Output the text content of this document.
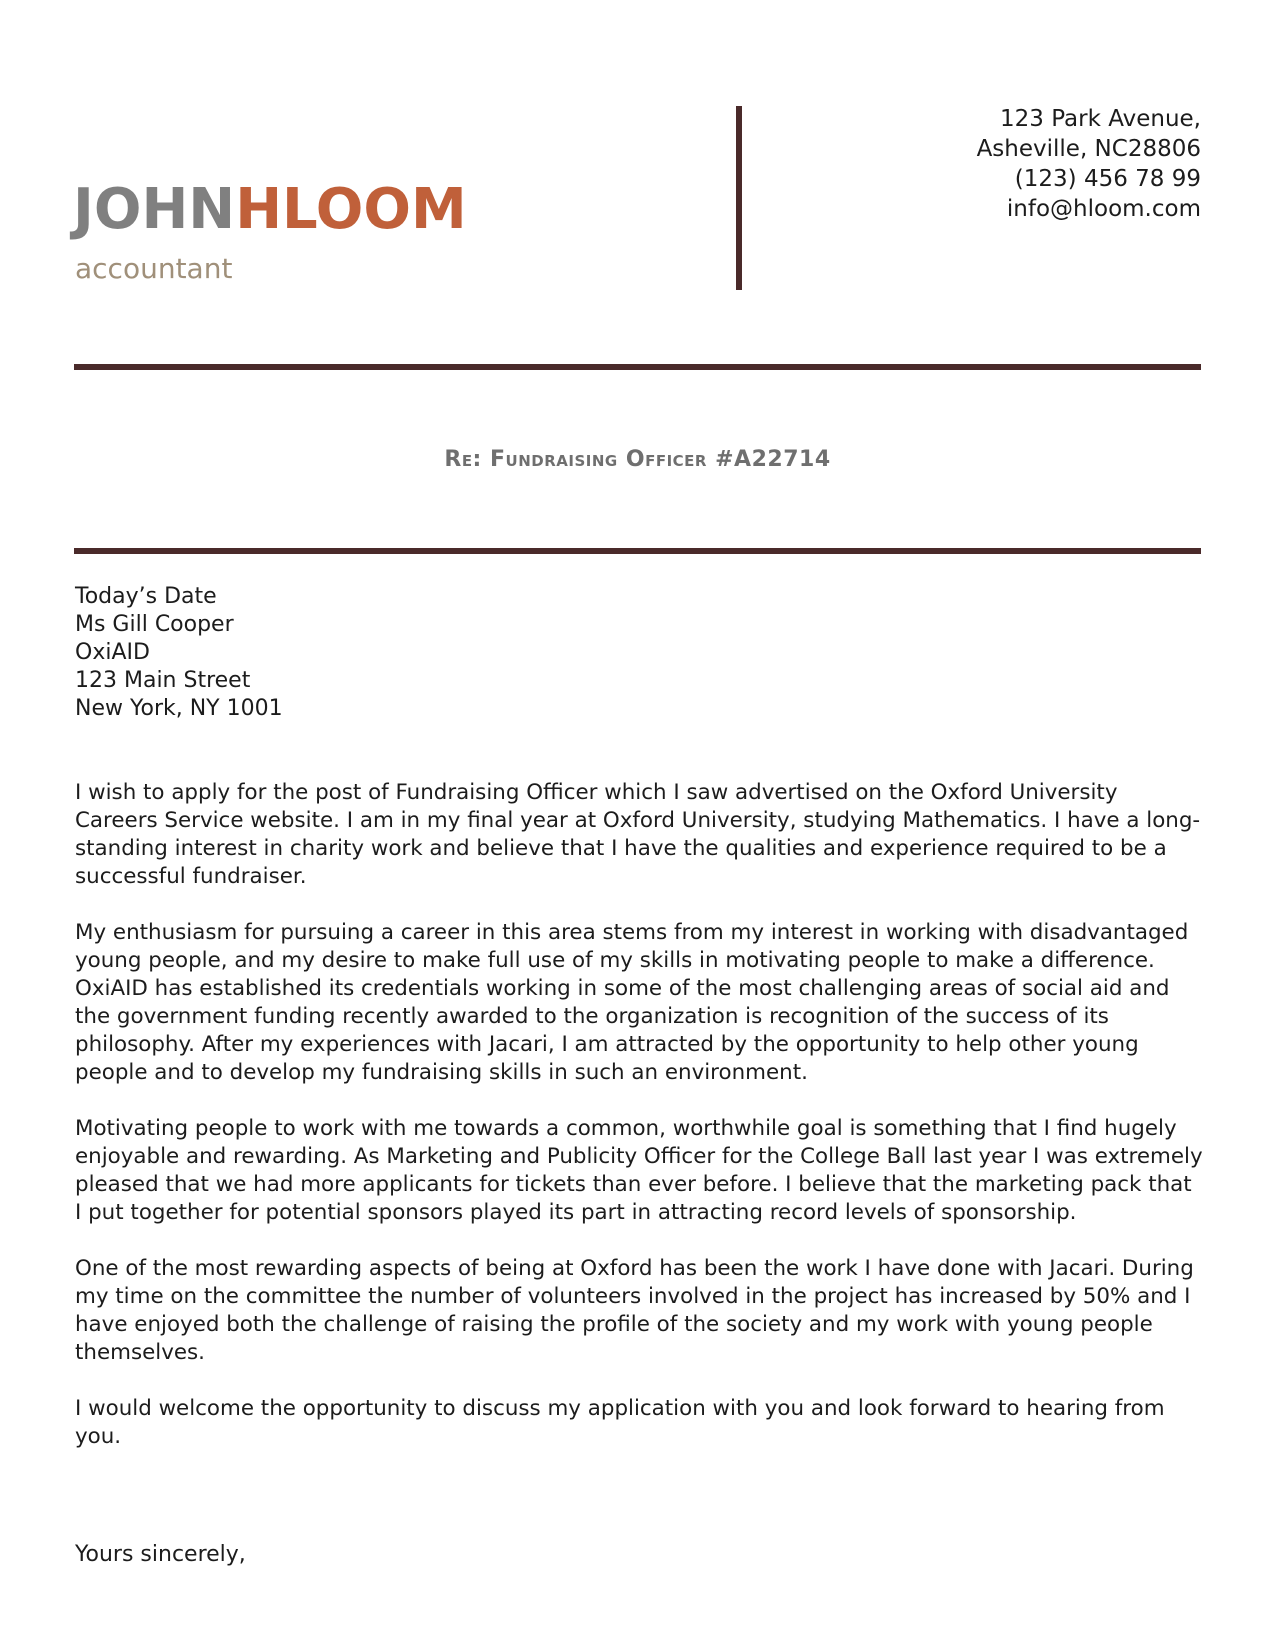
JOHNHLOOM
accountant
123 Park Avenue,
Asheville, NC28806
(123) 456 78 99
info@hloom.com
Re: Fundraising Officer #A22714
Today’s Date
Ms Gill Cooper
OxiAID
123 Main Street
New York, NY 1001

I wish to apply for the post of Fundraising Officer which I saw advertised on the Oxford University Careers Service website. I am in my final year at Oxford University, studying Mathematics. I have a long-standing interest in charity work and believe that I have the qualities and experience required to be a successful fundraiser.

My enthusiasm for pursuing a career in this area stems from my interest in working with disadvantaged young people, and my desire to make full use of my skills in motivating people to make a difference. OxiAID has established its credentials working in some of the most challenging areas of social aid and the government funding recently awarded to the organization is recognition of the success of its philosophy. After my experiences with Jacari, I am attracted by the opportunity to help other young people and to develop my fundraising skills in such an environment.

Motivating people to work with me towards a common, worthwhile goal is something that I find hugely enjoyable and rewarding. As Marketing and Publicity Officer for the College Ball last year I was extremely pleased that we had more applicants for tickets than ever before. I believe that the marketing pack that I put together for potential sponsors played its part in attracting record levels of sponsorship.

One of the most rewarding aspects of being at Oxford has been the work I have done with Jacari. During my time on the committee the number of volunteers involved in the project has increased by 50% and I have enjoyed both the challenge of raising the profile of the society and my work with young people themselves.

I would welcome the opportunity to discuss my application with you and look forward to hearing from you.

Yours sincerely,
